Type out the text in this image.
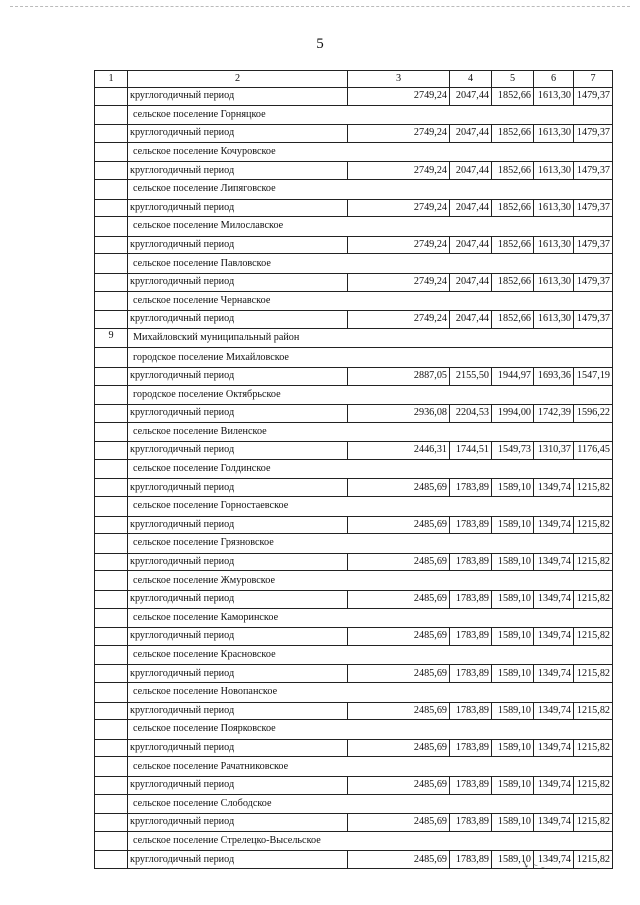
5
1	2	3	4	5	6	7
	круглогодичный период	2749,24	2047,44	1852,66	1613,30	1479,37
	сельское поселение Горняцкое					
	круглогодичный период	2749,24	2047,44	1852,66	1613,30	1479,37
	сельское поселение Кочуровское					
	круглогодичный период	2749,24	2047,44	1852,66	1613,30	1479,37
	сельское поселение Липяговское					
	круглогодичный период	2749,24	2047,44	1852,66	1613,30	1479,37
	сельское поселение Милославское					
	круглогодичный период	2749,24	2047,44	1852,66	1613,30	1479,37
	сельское поселение Павловское					
	круглогодичный период	2749,24	2047,44	1852,66	1613,30	1479,37
	сельское поселение Чернавское					
	круглогодичный период	2749,24	2047,44	1852,66	1613,30	1479,37
9	Михайловский муниципальный район					
	городское поселение Михайловское					
	круглогодичный период	2887,05	2155,50	1944,97	1693,36	1547,19
	городское поселение Октябрьское					
	круглогодичный период	2936,08	2204,53	1994,00	1742,39	1596,22
	сельское поселение Виленское					
	круглогодичный период	2446,31	1744,51	1549,73	1310,37	1176,45
	сельское поселение Голдинское					
	круглогодичный период	2485,69	1783,89	1589,10	1349,74	1215,82
	сельское поселение Горностаевское					
	круглогодичный период	2485,69	1783,89	1589,10	1349,74	1215,82
	сельское поселение Грязновское					
	круглогодичный период	2485,69	1783,89	1589,10	1349,74	1215,82
	сельское поселение Жмуровское					
	круглогодичный период	2485,69	1783,89	1589,10	1349,74	1215,82
	сельское поселение Каморинское					
	круглогодичный период	2485,69	1783,89	1589,10	1349,74	1215,82
	сельское поселение Красновское					
	круглогодичный период	2485,69	1783,89	1589,10	1349,74	1215,82
	сельское поселение Новопанское					
	круглогодичный период	2485,69	1783,89	1589,10	1349,74	1215,82
	сельское поселение Поярковское					
	круглогодичный период	2485,69	1783,89	1589,10	1349,74	1215,82
	сельское поселение Рачатниковское					
	круглогодичный период	2485,69	1783,89	1589,10	1349,74	1215,82
	сельское поселение Слободское					
	круглогодичный период	2485,69	1783,89	1589,10	1349,74	1215,82
	сельское поселение Стрелецко-Высельское					
	круглогодичный период	2485,69	1783,89	1589,10	1349,74	1215,82
↘ ⁻ ⁻
